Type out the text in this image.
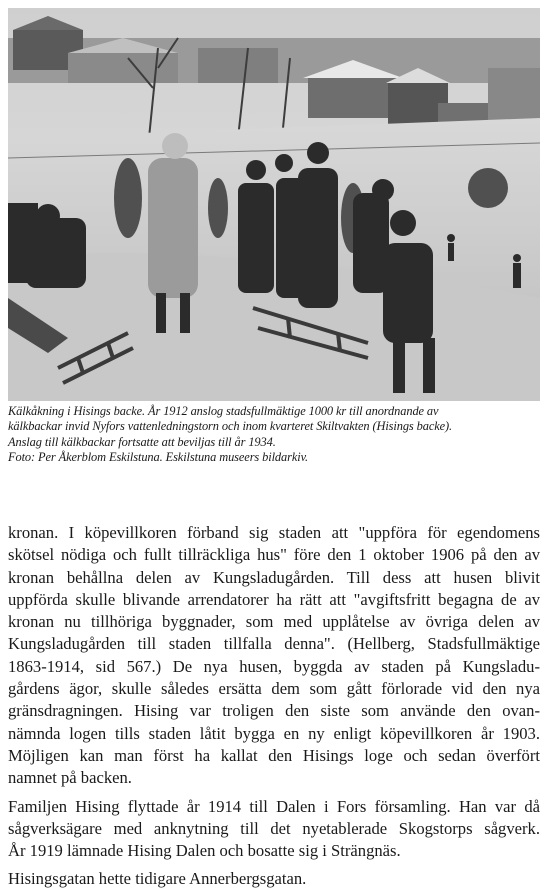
Kälkåkning i Hisings backe. År 1912 anslog stadsfullmäktige 1000 kr till anordnande av
kälkbackar invid Nyfors vattenledningstorn och inom kvarteret Skiltvakten (Hisings backe).
Anslag till kälkbackar fortsatte att beviljas till år 1934.
Foto: Per Åkerblom Eskilstuna. Eskilstuna museers bildarkiv.
kronan. I köpevillkoren förband sig staden att "uppföra för egendomens
skötsel nödiga och fullt tillräckliga hus" före den 1 oktober 1906 på den av
kronan behållna delen av Kungsladugården. Till dess att husen blivit
uppförda skulle blivande arrendatorer ha rätt att "avgiftsfritt begagna de av
kronan nu tillhöriga byggnader, som med upplåtelse av övriga delen av
Kungsladugården till staden tillfalla denna". (Hellberg, Stadsfullmäktige
1863-1914, sid 567.) De nya husen, byggda av staden på Kungsladu-
gårdens ägor, skulle således ersätta dem som gått förlorade vid den nya
gränsdragningen. Hising var troligen den siste som använde den ovan-
nämnda logen tills staden låtit bygga en ny enligt köpevillkoren år 1903.
Möjligen kan man först ha kallat den Hisings loge och sedan överfört
namnet på backen.
Familjen Hising flyttade år 1914 till Dalen i Fors församling. Han var då
sågverksägare med anknytning till det nyetablerade Skogstorps sågverk.
År 1919 lämnade Hising Dalen och bosatte sig i Strängnäs.
Hisingsgatan hette tidigare Annerbergsgatan.
